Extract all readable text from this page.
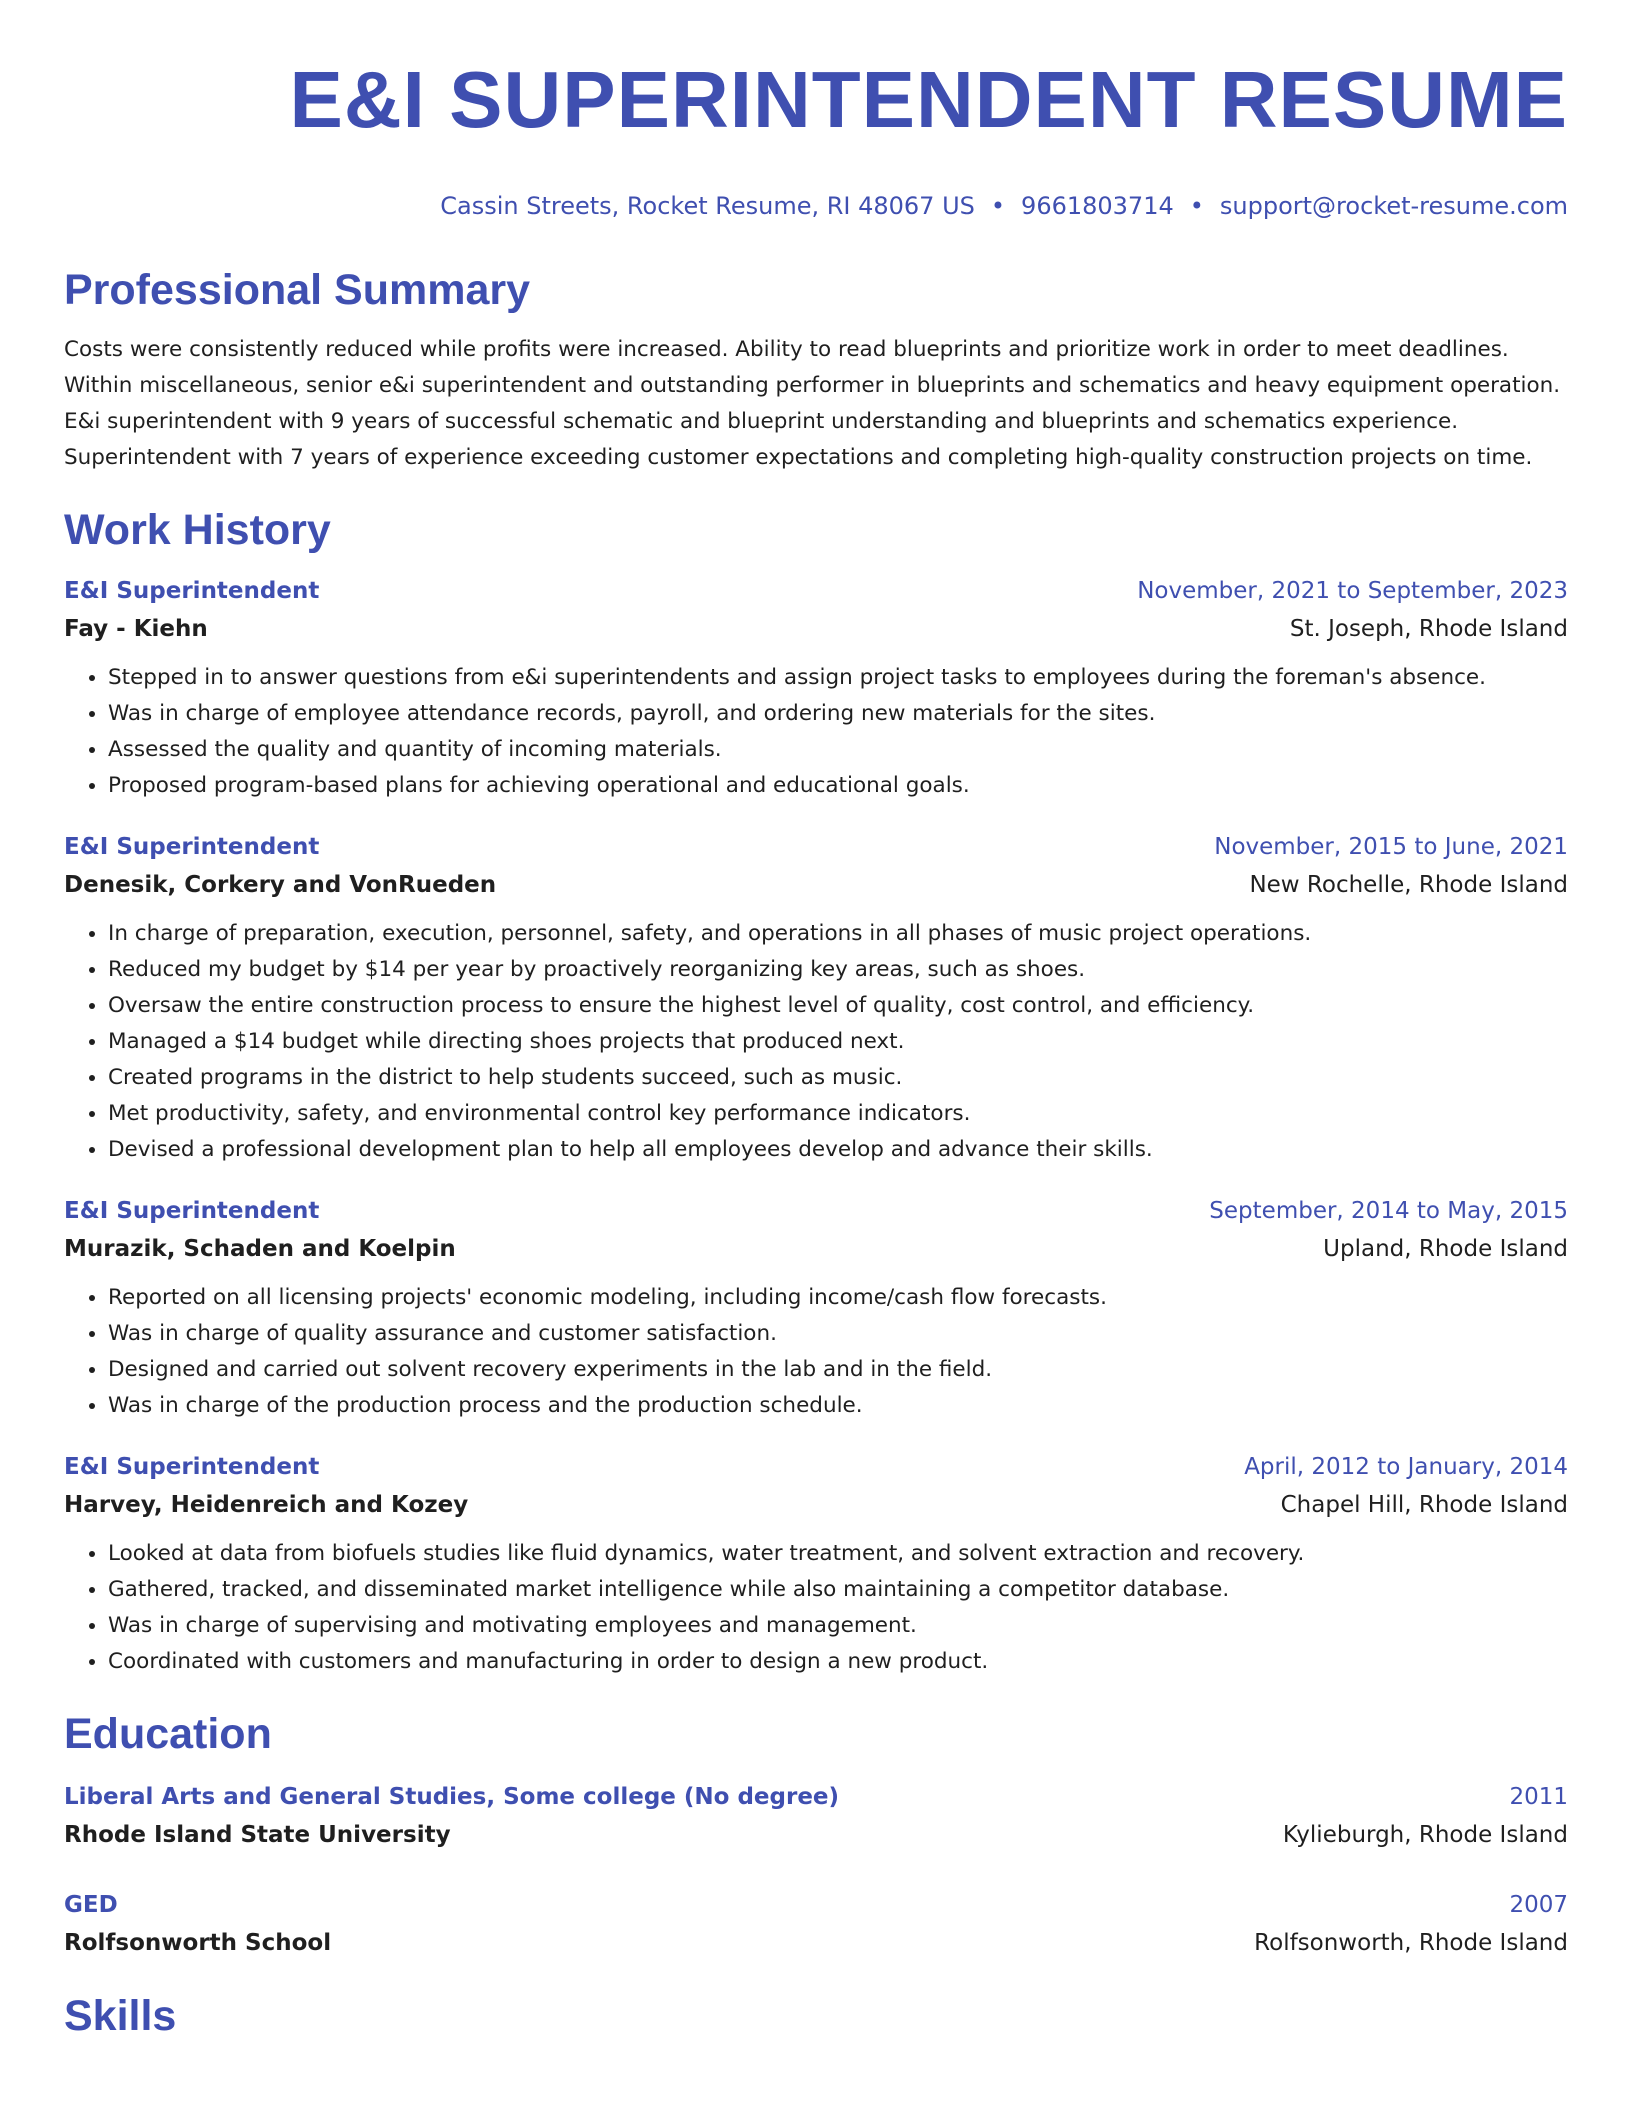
E&I SUPERINTENDENT RESUME
Cassin Streets, Rocket Resume, RI 48067 US • 9661803714 • support@rocket-resume.com
Professional Summary
Costs were consistently reduced while profits were increased. Ability to read blueprints and prioritize work in order to meet deadlines. Within miscellaneous, senior e&i superintendent and outstanding performer in blueprints and schematics and heavy equipment operation. E&i superintendent with 9 years of successful schematic and blueprint understanding and blueprints and schematics experience. Superintendent with 7 years of experience exceeding customer expectations and completing high-quality construction projects on time.
Work History
E&I Superintendent	November, 2021 to September, 2023
Fay - Kiehn	St. Joseph, Rhode Island
• Stepped in to answer questions from e&i superintendents and assign project tasks to employees during the foreman's absence.
• Was in charge of employee attendance records, payroll, and ordering new materials for the sites.
• Assessed the quality and quantity of incoming materials.
• Proposed program-based plans for achieving operational and educational goals.
E&I Superintendent	November, 2015 to June, 2021
Denesik, Corkery and VonRueden	New Rochelle, Rhode Island
• In charge of preparation, execution, personnel, safety, and operations in all phases of music project operations.
• Reduced my budget by $14 per year by proactively reorganizing key areas, such as shoes.
• Oversaw the entire construction process to ensure the highest level of quality, cost control, and efficiency.
• Managed a $14 budget while directing shoes projects that produced next.
• Created programs in the district to help students succeed, such as music.
• Met productivity, safety, and environmental control key performance indicators.
• Devised a professional development plan to help all employees develop and advance their skills.
E&I Superintendent	September, 2014 to May, 2015
Murazik, Schaden and Koelpin	Upland, Rhode Island
• Reported on all licensing projects' economic modeling, including income/cash flow forecasts.
• Was in charge of quality assurance and customer satisfaction.
• Designed and carried out solvent recovery experiments in the lab and in the field.
• Was in charge of the production process and the production schedule.
E&I Superintendent	April, 2012 to January, 2014
Harvey, Heidenreich and Kozey	Chapel Hill, Rhode Island
• Looked at data from biofuels studies like fluid dynamics, water treatment, and solvent extraction and recovery.
• Gathered, tracked, and disseminated market intelligence while also maintaining a competitor database.
• Was in charge of supervising and motivating employees and management.
• Coordinated with customers and manufacturing in order to design a new product.
Education
Liberal Arts and General Studies, Some college (No degree)	2011
Rhode Island State University	Kylieburgh, Rhode Island
GED	2007
Rolfsonworth School	Rolfsonworth, Rhode Island
Skills
